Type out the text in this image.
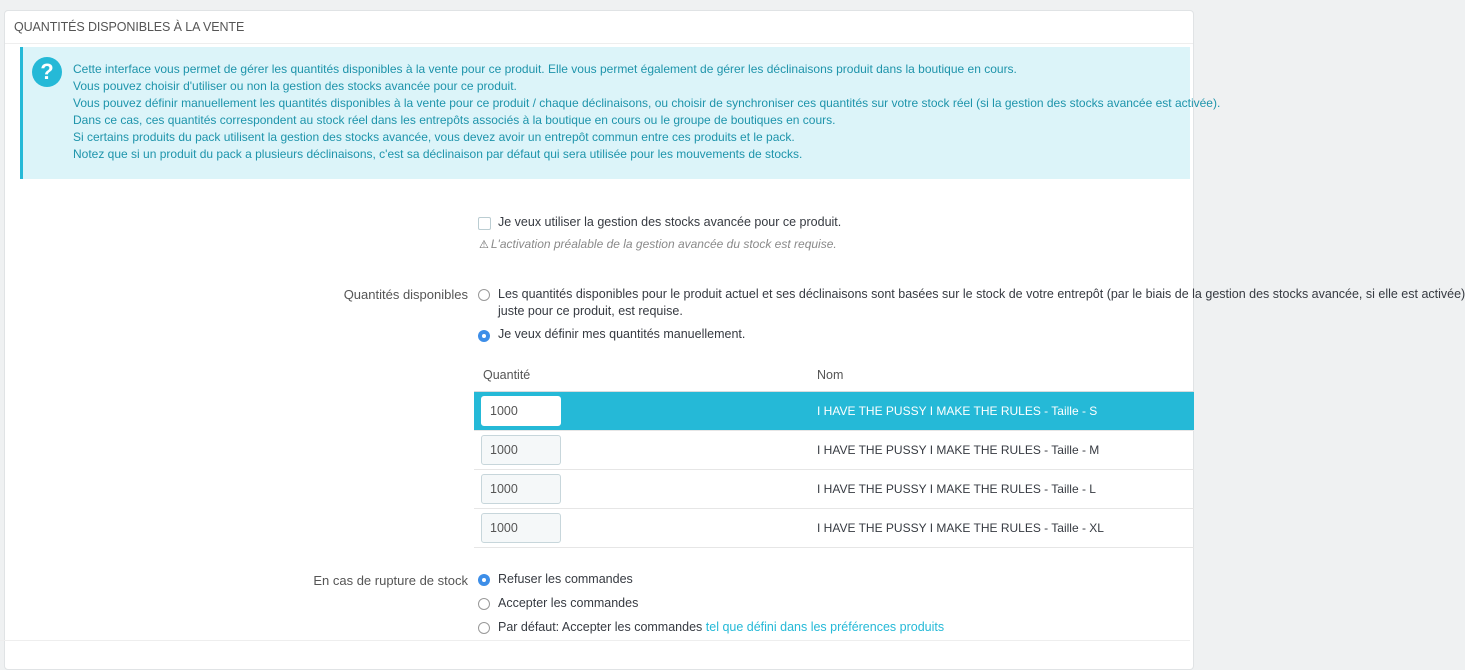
QUANTITÉS DISPONIBLES À LA VENTE
?	Cette interface vous permet de gérer les quantités disponibles à la vente pour ce produit. Elle vous permet également de gérer les déclinaisons produit dans la boutique en cours.

Vous pouvez choisir d'utiliser ou non la gestion des stocks avancée pour ce produit.

Vous pouvez définir manuellement les quantités disponibles à la vente pour ce produit / chaque déclinaisons, ou choisir de synchroniser ces quantités sur votre stock réel (si la gestion des stocks avancée est activée).

Dans ce cas, ces quantités correspondent au stock réel dans les entrepôts associés à la boutique en cours ou le groupe de boutiques en cours.

Si certains produits du pack utilisent la gestion des stocks avancée, vous devez avoir un entrepôt commun entre ces produits et le pack.

Notez que si un produit du pack a plusieurs déclinaisons, c'est sa déclinaison par défaut qui sera utilisée pour les mouvements de stocks.

Je veux utiliser la gestion des stocks avancée pour ce produit.
⚠ L'activation préalable de la gestion avancée du stock est requise.
Quantités disponibles Les quantités disponibles pour le produit actuel et ses déclinaisons sont basées sur le stock de votre entrepôt (par le biais de la gestion des stocks avancée, si elle est activée)
juste pour ce produit, est requise.
Je veux définir mes quantités manuellement.
Quantité	Nom
1000
I HAVE THE PUSSY I MAKE THE RULES - Taille - S
1000
I HAVE THE PUSSY I MAKE THE RULES - Taille - M
1000
I HAVE THE PUSSY I MAKE THE RULES - Taille - L
1000
I HAVE THE PUSSY I MAKE THE RULES - Taille - XL
En cas de rupture de stock Refuser les commandes
Accepter les commandes
Par défaut: Accepter les commandes tel que défini dans les préférences produits
